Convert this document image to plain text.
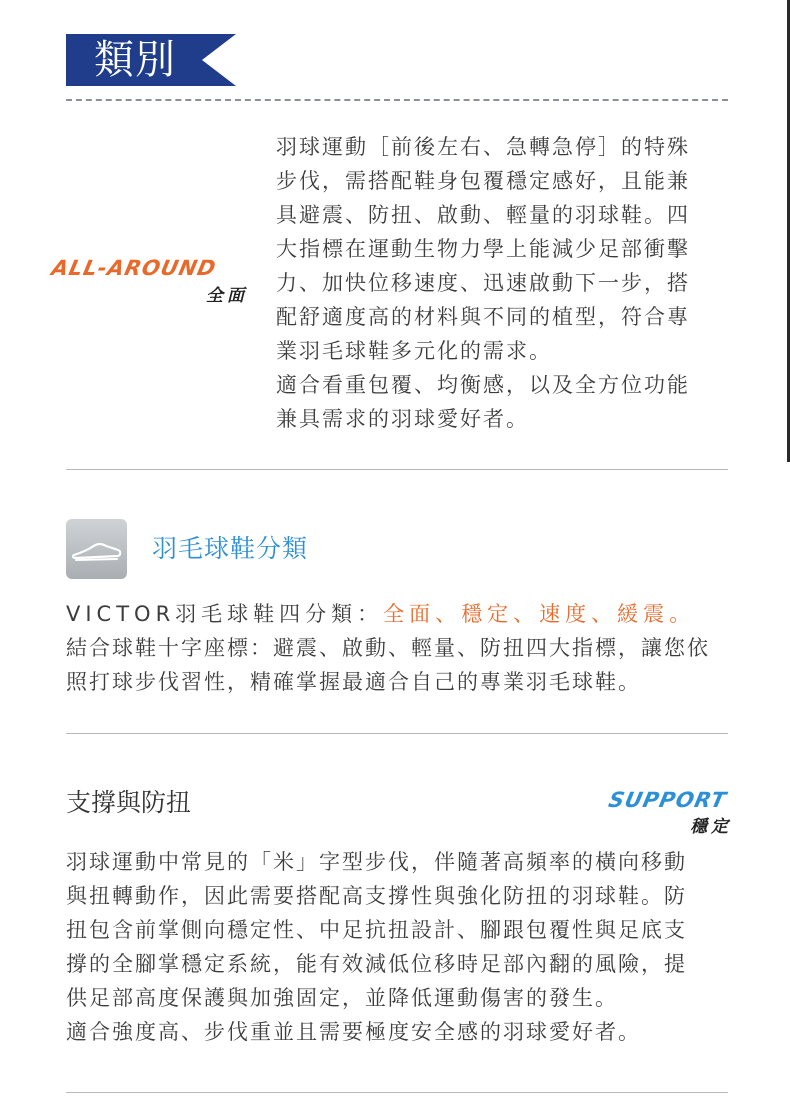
類別
ALL-AROUND
全面
羽球運動［前後左右、急轉急停］的特殊
步伐，需搭配鞋身包覆穩定感好，且能兼
具避震、防扭、啟動、輕量的羽球鞋。四
大指標在運動生物力學上能減少足部衝擊
力、加快位移速度、迅速啟動下一步，搭
配舒適度高的材料與不同的植型，符合專
業羽毛球鞋多元化的需求。
適合看重包覆、均衡感，以及全方位功能
兼具需求的羽球愛好者。
羽毛球鞋分類
VICTOR羽毛球鞋四分類：全面、穩定、速度、緩震。
結合球鞋十字座標：避震、啟動、輕量、防扭四大指標，讓您依
照打球步伐習性，精確掌握最適合自己的專業羽毛球鞋。
支撐與防扭	SUPPORT
穩定
羽球運動中常見的「米」字型步伐，伴隨著高頻率的橫向移動
與扭轉動作，因此需要搭配高支撐性與強化防扭的羽球鞋。防
扭包含前掌側向穩定性、中足抗扭設計、腳跟包覆性與足底支
撐的全腳掌穩定系統，能有效減低位移時足部內翻的風險，提
供足部高度保護與加強固定，並降低運動傷害的發生。
適合強度高、步伐重並且需要極度安全感的羽球愛好者。
